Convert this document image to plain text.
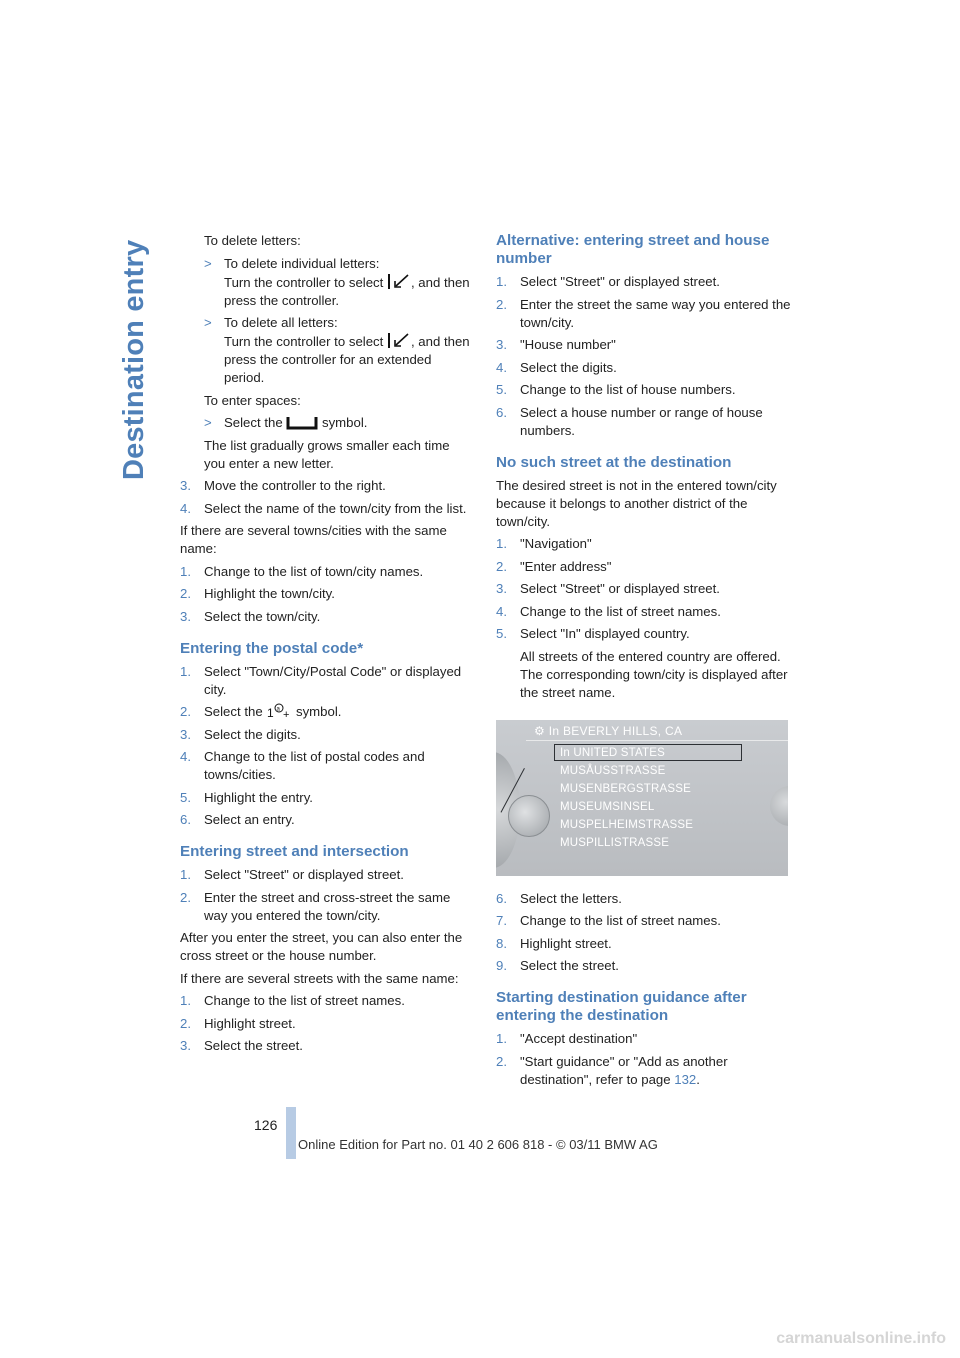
Destination entry	To delete letters:

> To delete individual letters:
Turn the controller to select , and then press the controller.
> To delete all letters:
Turn the controller to select , and then press the controller for an extended period.

To enter spaces:

> Select the  symbol.

The list gradually grows smaller each time you enter a new letter.

3. Move the controller to the right.
4. Select the name of the town/city from the list.

If there are several towns/cities with the same name:

1. Change to the list of town/city names.
2. Highlight the town/city.
3. Select the town/city.
Entering the postal code*
1. Select "Town/City/Postal Code" or displayed city.
2. Select the 1 a + symbol.
3. Select the digits.
4. Change to the list of postal codes and towns/cities.
5. Highlight the entry.
6. Select an entry.
Entering street and intersection
1. Select "Street" or displayed street.
2. Enter the street and cross-street the same way you entered the town/city.

After you enter the street, you can also enter the cross street or the house number.

If there are several streets with the same name:

1. Change to the list of street names.
2. Highlight street.
3. Select the street.
Alternative: entering street and house number
1. Select "Street" or displayed street.
2. Enter the street the same way you entered the town/city.
3. "House number"
4. Select the digits.
5. Change to the list of house numbers.
6. Select a house number or range of house numbers.
No such street at the destination

The desired street is not in the entered town/city because it belongs to another district of the town/city.

1. "Navigation"
2. "Enter address"
3. Select "Street" or displayed street.
4. Change to the list of street names.
5. Select "In" displayed country.

All streets of the entered country are offered. The corresponding town/city is displayed after the street name.

⚙ In BEVERLY HILLS, CA
In UNITED STATES
MUSÅUSSTRASSE
MUSENBERGSTRASSE
MUSEUMSINSEL
MUSPELHEIMSTRASSE
MUSPILLISTRASSE
6. Select the letters.
7. Change to the list of street names.
8. Highlight street.
9. Select the street.
Starting destination guidance after entering the destination
1. "Accept destination"
2. "Start guidance" or "Add as another destination", refer to page 132.
126
Online Edition for Part no. 01 40 2 606 818 - © 03/11 BMW AG
carmanualsonline.info
